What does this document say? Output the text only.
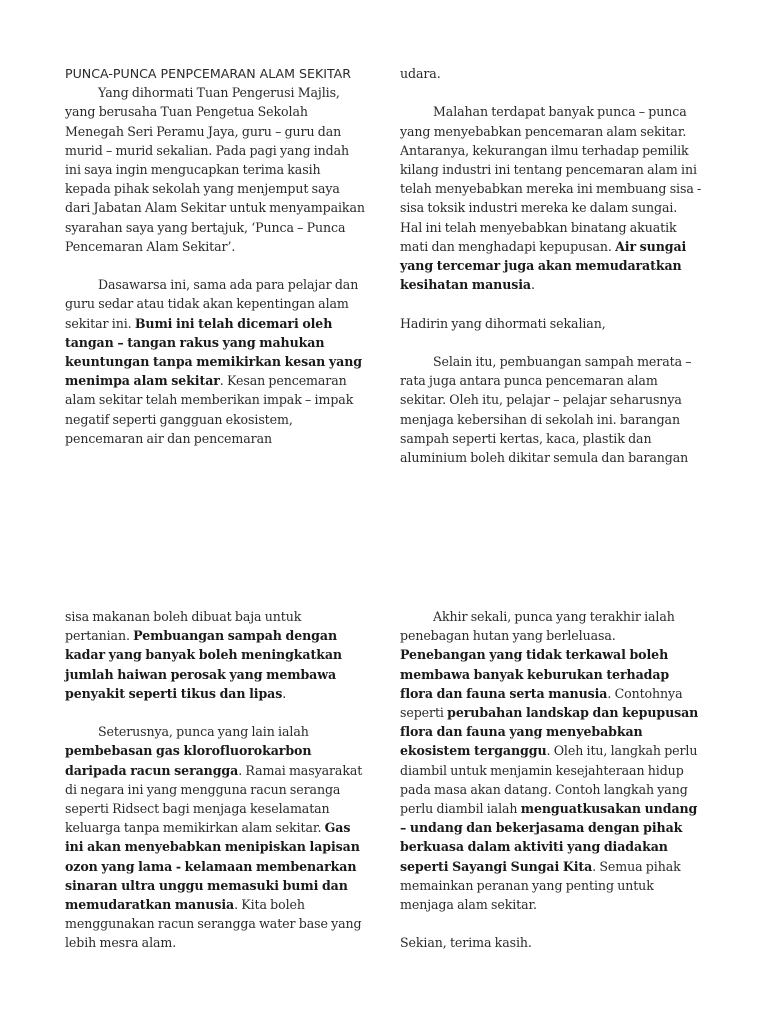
PUNCA-PUNCA PENPCEMARAN ALAM SEKITAR

Yang dihormati Tuan Pengerusi Majlis, yang berusaha Tuan Pengetua Sekolah Menegah Seri Peramu Jaya, guru – guru dan murid – murid sekalian. Pada pagi yang indah ini saya ingin mengucapkan terima kasih kepada pihak sekolah yang menjemput saya dari Jabatan Alam Sekitar untuk menyampaikan syarahan saya yang bertajuk, ‘Punca – Punca Pencemaran Alam Sekitar’.

Dasawarsa ini, sama ada para pelajar dan guru sedar atau tidak akan kepentingan alam sekitar ini. Bumi ini telah dicemari oleh tangan – tangan rakus yang mahukan keuntungan tanpa memikirkan kesan yang menimpa alam sekitar. Kesan pencemaran alam sekitar telah memberikan impak – impak negatif seperti gangguan ekosistem, pencemaran air dan pencemaran

udara.

Malahan terdapat banyak punca – punca yang menyebabkan pencemaran alam sekitar. Antaranya, kekurangan ilmu terhadap pemilik kilang industri ini tentang pencemaran alam ini telah menyebabkan mereka ini membuang sisa - sisa toksik industri mereka ke dalam sungai. Hal ini telah menyebabkan binatang akuatik mati dan menghadapi kepupusan. Air sungai yang tercemar juga akan memudaratkan kesihatan manusia.

Hadirin yang dihormati sekalian,

Selain itu, pembuangan sampah merata – rata juga antara punca pencemaran alam sekitar. Oleh itu, pelajar – pelajar seharusnya menjaga kebersihan di sekolah ini. barangan sampah seperti kertas, kaca, plastik dan aluminium boleh dikitar semula dan barangan

sisa makanan boleh dibuat baja untuk pertanian. Pembuangan sampah dengan kadar yang banyak boleh meningkatkan jumlah haiwan perosak yang membawa penyakit seperti tikus dan lipas.

Seterusnya, punca yang lain ialah pembebasan gas klorofluorokarbon daripada racun serangga. Ramai masyarakat di negara ini yang mengguna racun seranga seperti Ridsect bagi menjaga keselamatan keluarga tanpa memikirkan alam sekitar. Gas ini akan menyebabkan menipiskan lapisan ozon yang lama - kelamaan membenarkan sinaran ultra unggu memasuki bumi dan memudaratkan manusia. Kita boleh menggunakan racun serangga water base yang lebih mesra alam.

Akhir sekali, punca yang terakhir ialah penebagan hutan yang berleluasa. Penebangan yang tidak terkawal boleh membawa banyak keburukan terhadap flora dan fauna serta manusia. Contohnya seperti perubahan landskap dan kepupusan flora dan fauna yang menyebabkan ekosistem terganggu. Oleh itu, langkah perlu diambil untuk menjamin kesejahteraan hidup pada masa akan datang. Contoh langkah yang perlu diambil ialah menguatkusakan undang – undang dan bekerjasama dengan pihak berkuasa dalam aktiviti yang diadakan seperti Sayangi Sungai Kita. Semua pihak memainkan peranan yang penting untuk menjaga alam sekitar.

Sekian, terima kasih.
